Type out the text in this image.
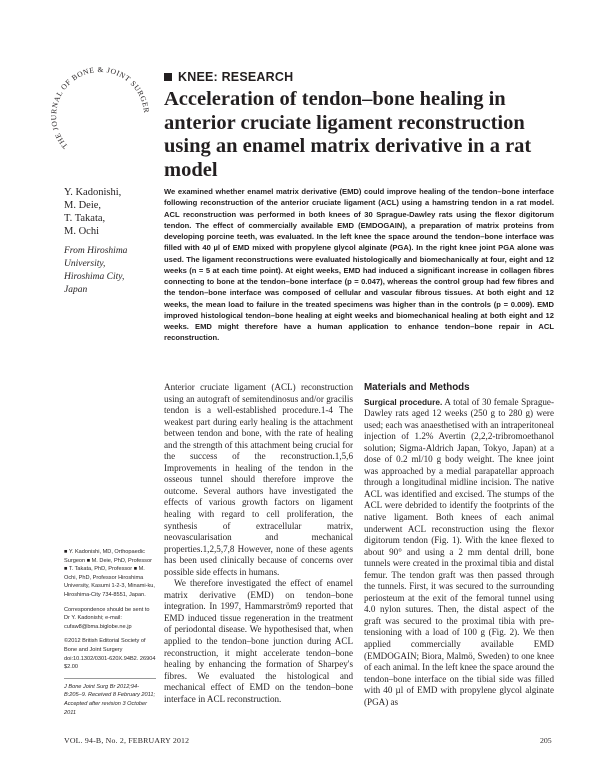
THE JOURNAL OF BONE & JOINT SURGER
KNEE: RESEARCH
Acceleration of tendon–bone healing in anterior cruciate ligament reconstruction using an enamel matrix derivative in a rat model
Y. Kadonishi,
M. Deie,
T. Takata,
M. Ochi
From Hiroshima
University,
Hiroshima City,
Japan
We examined whether enamel matrix derivative (EMD) could improve healing of the tendon–bone interface following reconstruction of the anterior cruciate ligament (ACL) using a hamstring tendon in a rat model. ACL reconstruction was performed in both knees of 30 Sprague-Dawley rats using the flexor digitorum tendon. The effect of commercially available EMD (EMDOGAIN), a preparation of matrix proteins from developing porcine teeth, was evaluated. In the left knee the space around the tendon–bone interface was filled with 40 µl of EMD mixed with propylene glycol alginate (PGA). In the right knee joint PGA alone was used. The ligament reconstructions were evaluated histologically and biomechanically at four, eight and 12 weeks (n = 5 at each time point). At eight weeks, EMD had induced a significant increase in collagen fibres connecting to bone at the tendon–bone interface (p = 0.047), whereas the control group had few fibres and the tendon–bone interface was composed of cellular and vascular fibrous tissues. At both eight and 12 weeks, the mean load to failure in the treated specimens was higher than in the controls (p = 0.009). EMD improved histological tendon–bone healing at eight weeks and biomechanical healing at both eight and 12 weeks. EMD might therefore have a human application to enhance tendon–bone repair in ACL reconstruction.

Anterior cruciate ligament (ACL) reconstruction using an autograft of semitendinosus and/or gracilis tendon is a well-established procedure.1-4 The weakest part during early healing is the attachment between tendon and bone, with the rate of healing and the strength of this attachment being crucial for the success of the reconstruction.1,5,6 Improvements in healing of the tendon in the osseous tunnel should therefore improve the outcome. Several authors have investigated the effects of various growth factors on ligament healing with regard to cell proliferation, the synthesis of extracellular matrix, neovascularisation and mechanical properties.1,2,5,7,8 However, none of these agents has been used clinically because of concerns over possible side effects in humans.

We therefore investigated the effect of enamel matrix derivative (EMD) on tendon–bone integration. In 1997, Hammarström9 reported that EMD induced tissue regeneration in the treatment of periodontal disease. We hypothesised that, when applied to the tendon–bone junction during ACL reconstruction, it might accelerate tendon–bone healing by enhancing the formation of Sharpey's fibres. We evaluated the histological and mechanical effect of EMD on the tendon–bone interface in ACL reconstruction.

Materials and Methods

Surgical procedure. A total of 30 female Sprague-Dawley rats aged 12 weeks (250 g to 280 g) were used; each was anaesthetised with an intraperitoneal injection of 1.2% Avertin (2,2,2-tribromoethanol solution; Sigma-Aldrich Japan, Tokyo, Japan) at a dose of 0.2 ml/10 g body weight. The knee joint was approached by a medial parapatellar approach through a longitudinal midline incision. The native ACL was identified and excised. The stumps of the ACL were debrided to identify the footprints of the native ligament. Both knees of each animal underwent ACL reconstruction using the flexor digitorum tendon (Fig. 1). With the knee flexed to about 90° and using a 2 mm dental drill, bone tunnels were created in the proximal tibia and distal femur. The tendon graft was then passed through the tunnels. First, it was secured to the surrounding periosteum at the exit of the femoral tunnel using 4.0 nylon sutures. Then, the distal aspect of the graft was secured to the proximal tibia with pre-tensioning with a load of 100 g (Fig. 2). We then applied commercially available EMD (EMDOGAIN; Biora, Malmö, Sweden) to one knee of each animal. In the left knee the space around the tendon–bone interface on the tibial side was filled with 40 µl of EMD with propylene glycol alginate (PGA) as

■ Y. Kadonishi, MD, Orthopaedic Surgeon ■ M. Deie, PhD, Professor ■ T. Takata, PhD, Professor ■ M. Ochi, PhD, Professor Hiroshima University, Kasumi 1-2-3, Minami-ku, Hiroshima-City 734-8551, Japan.

Correspondence should be sent to Dr Y. Kadonishi; e-mail: cufaw8@bma.biglobe.ne.jp

©2012 British Editorial Society of Bone and Joint Surgery doi:10.1302/0301-620X.94B2. 26904 $2.00

J Bone Joint Surg Br 2012;94-B:205–9. Received 8 February 2011; Accepted after revision 3 October 2011

VOL. 94-B, No. 2, FEBRUARY 2012	205
